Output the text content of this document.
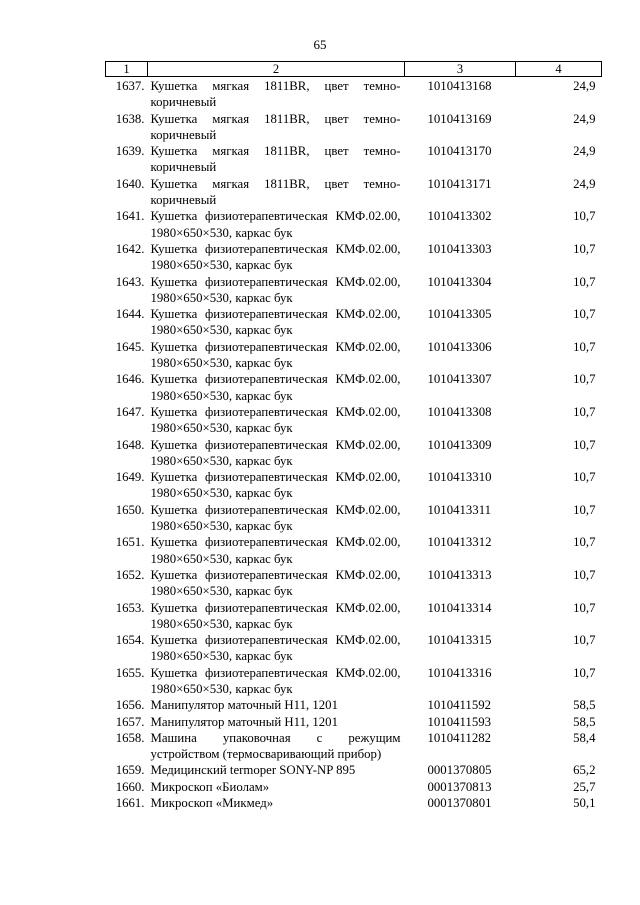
65
1	2	3	4
1637.	Кушетка мягкая 1811BR, цвет темно-коричневый	1010413168	24,9
1638.	Кушетка мягкая 1811BR, цвет темно-коричневый	1010413169	24,9
1639.	Кушетка мягкая 1811BR, цвет темно-коричневый	1010413170	24,9
1640.	Кушетка мягкая 1811BR, цвет темно-коричневый	1010413171	24,9
1641.	Кушетка физиотерапевтическая КМФ.02.00, 1980×650×530, каркас бук	1010413302	10,7
1642.	Кушетка физиотерапевтическая КМФ.02.00, 1980×650×530, каркас бук	1010413303	10,7
1643.	Кушетка физиотерапевтическая КМФ.02.00, 1980×650×530, каркас бук	1010413304	10,7
1644.	Кушетка физиотерапевтическая КМФ.02.00, 1980×650×530, каркас бук	1010413305	10,7
1645.	Кушетка физиотерапевтическая КМФ.02.00, 1980×650×530, каркас бук	1010413306	10,7
1646.	Кушетка физиотерапевтическая КМФ.02.00, 1980×650×530, каркас бук	1010413307	10,7
1647.	Кушетка физиотерапевтическая КМФ.02.00, 1980×650×530, каркас бук	1010413308	10,7
1648.	Кушетка физиотерапевтическая КМФ.02.00, 1980×650×530, каркас бук	1010413309	10,7
1649.	Кушетка физиотерапевтическая КМФ.02.00, 1980×650×530, каркас бук	1010413310	10,7
1650.	Кушетка физиотерапевтическая КМФ.02.00, 1980×650×530, каркас бук	1010413311	10,7
1651.	Кушетка физиотерапевтическая КМФ.02.00, 1980×650×530, каркас бук	1010413312	10,7
1652.	Кушетка физиотерапевтическая КМФ.02.00, 1980×650×530, каркас бук	1010413313	10,7
1653.	Кушетка физиотерапевтическая КМФ.02.00, 1980×650×530, каркас бук	1010413314	10,7
1654.	Кушетка физиотерапевтическая КМФ.02.00, 1980×650×530, каркас бук	1010413315	10,7
1655.	Кушетка физиотерапевтическая КМФ.02.00, 1980×650×530, каркас бук	1010413316	10,7
1656.	Манипулятор маточный Н11, 1201	1010411592	58,5
1657.	Манипулятор маточный Н11, 1201	1010411593	58,5
1658.	Машина упаковочная с режущим устройством (термосваривающий прибор)	1010411282	58,4
1659.	Медицинский termoper SONY-NP 895	0001370805	65,2
1660.	Микроскоп «Биолам»	0001370813	25,7
1661.	Микроскоп «Микмед»	0001370801	50,1
